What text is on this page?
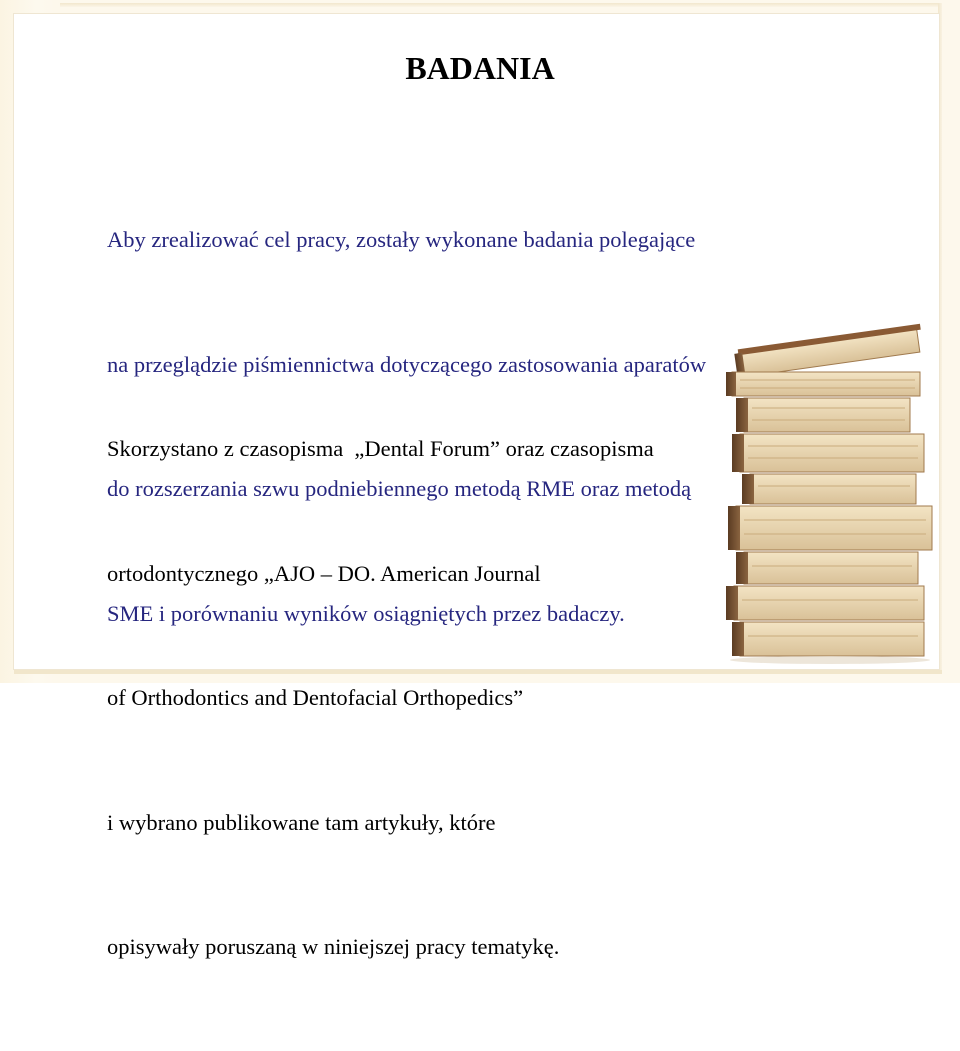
BADANIA

Aby zrealizować cel pracy, zostały wykonane badania polegające

na przeglądzie piśmiennictwa dotyczącego zastosowania aparatów

do rozszerzania szwu podniebiennego metodą RME oraz metodą

SME i porównaniu wyników osiągniętych przez badaczy.

Skorzystano z czasopisma  „Dental Forum” oraz czasopisma

ortodontycznego „AJO – DO. American Journal

of Orthodontics and Dentofacial Orthopedics”

i wybrano publikowane tam artykuły, które

opisywały poruszaną w niniejszej pracy tematykę.
